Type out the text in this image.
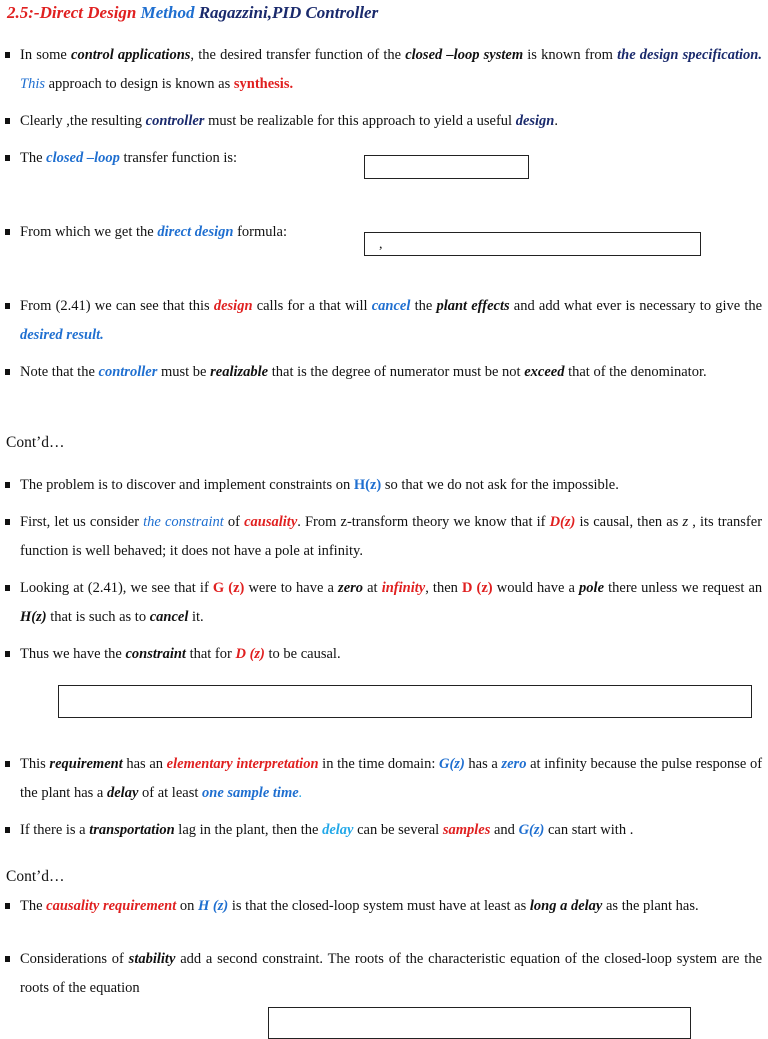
2.5:-Direct Design Method Ragazzini,PID Controller
In some control applications, the desired transfer function of the closed –loop system is known from the design specification. This approach to design is known as synthesis.
Clearly ,the resulting controller must be realizable for this approach to yield a useful design.
The closed –loop transfer function is:
From which we get the direct design formula:
,
From (2.41) we can see that this design calls for a that will cancel the plant effects and add what ever is necessary to give the desired result.
Note that the controller must be realizable that is the degree of numerator must be not exceed that of the denominator.
Cont’d…
The problem is to discover and implement constraints on H(z) so that we do not ask for the impossible.
First, let us consider the constraint of causality. From z-transform theory we know that if D(z) is causal, then as z , its transfer function is well behaved; it does not have a pole at infinity.
Looking at (2.41), we see that if G (z) were to have a zero at infinity, then D (z) would have a pole there unless we request an H(z) that is such as to cancel it.
Thus we have the constraint that for D (z) to be causal.
This requirement has an elementary interpretation in the time domain: G(z) has a zero at infinity because the pulse response of the plant has a delay of at least one sample time.
If there is a transportation lag in the plant, then the delay can be several samples and G(z) can start with .
Cont’d…
The causality requirement on H (z) is that the closed-loop system must have at least as long a delay as the plant has.
Considerations of stability add a second constraint. The roots of the characteristic equation of the closed-loop system are the roots of the equation
